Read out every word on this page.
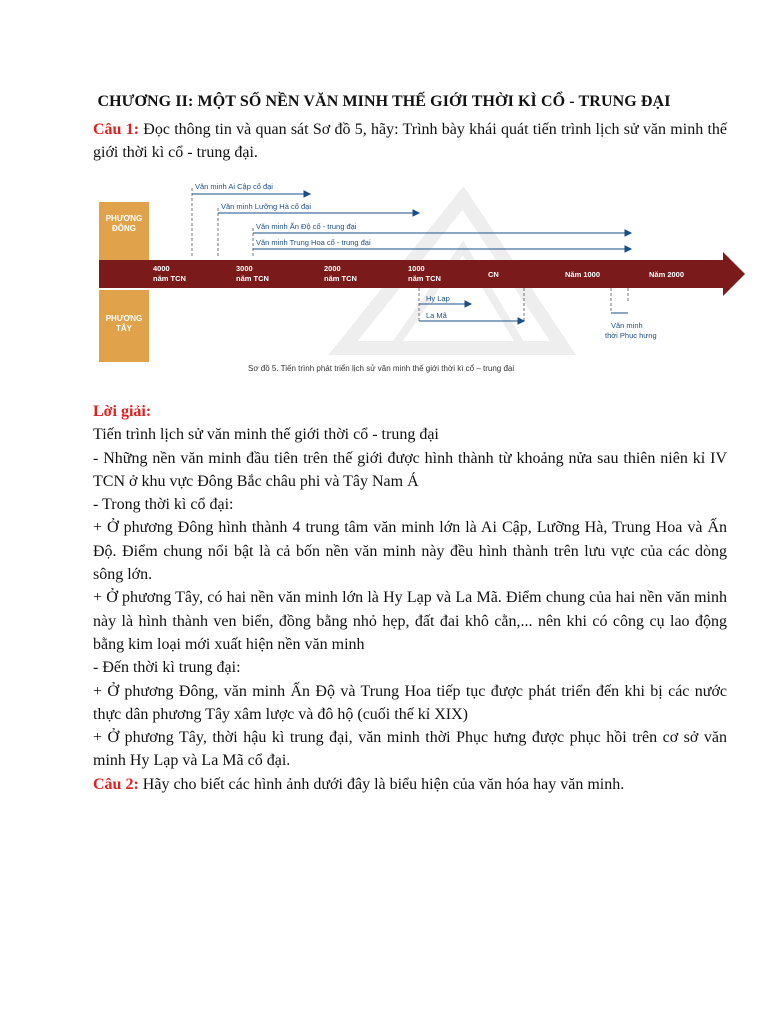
CHƯƠNG II: MỘT SỐ NỀN VĂN MINH THẾ GIỚI THỜI KÌ CỔ - TRUNG ĐẠI

Câu 1: Đọc thông tin và quan sát Sơ đồ 5, hãy: Trình bày khái quát tiến trình lịch sử văn minh thế giới thời kì cổ - trung đại.

PHƯƠNG
ĐÔNG
PHƯƠNG
TÂY
Văn minh Ai Cập cổ đại
Văn minh Lưỡng Hà cổ đại
Văn minh Ấn Độ cổ - trung đại
Văn minh Trung Hoa cổ - trung đại
4000
năm TCN
3000
năm TCN
2000
năm TCN
1000
năm TCN	CN	Năm 1000	Năm 2000
Hy Lạp
La Mã
Văn minh
thời Phục hưng
Sơ đồ 5. Tiến trình phát triển lịch sử văn minh thế giới thời kì cổ – trung đại

Lời giải:

Tiến trình lịch sử văn minh thế giới thời cổ - trung đại

- Những nền văn minh đầu tiên trên thế giới được hình thành từ khoảng nửa sau thiên niên kỉ IV TCN ở khu vực Đông Bắc châu phi và Tây Nam Á

- Trong thời kì cổ đại:

+ Ở phương Đông hình thành 4 trung tâm văn minh lớn là Ai Cập, Lưỡng Hà, Trung Hoa và Ấn Độ. Điểm chung nổi bật là cả bốn nền văn minh này đều hình thành trên lưu vực của các dòng sông lớn.

+ Ở phương Tây, có hai nền văn minh lớn là Hy Lạp và La Mã. Điểm chung của hai nền văn minh này là hình thành ven biển, đồng bằng nhỏ hẹp, đất đai khô cằn,... nên khi có công cụ lao động bằng kim loại mới xuất hiện nền văn minh

- Đến thời kì trung đại:

+ Ở phương Đông, văn minh Ấn Độ và Trung Hoa tiếp tục được phát triển đến khi bị các nước thực dân phương Tây xâm lược và đô hộ (cuối thế kỉ XIX)

+ Ở phương Tây, thời hậu kì trung đại, văn minh thời Phục hưng được phục hồi trên cơ sở văn minh Hy Lạp và La Mã cổ đại.

Câu 2: Hãy cho biết các hình ảnh dưới đây là biểu hiện của văn hóa hay văn minh.
